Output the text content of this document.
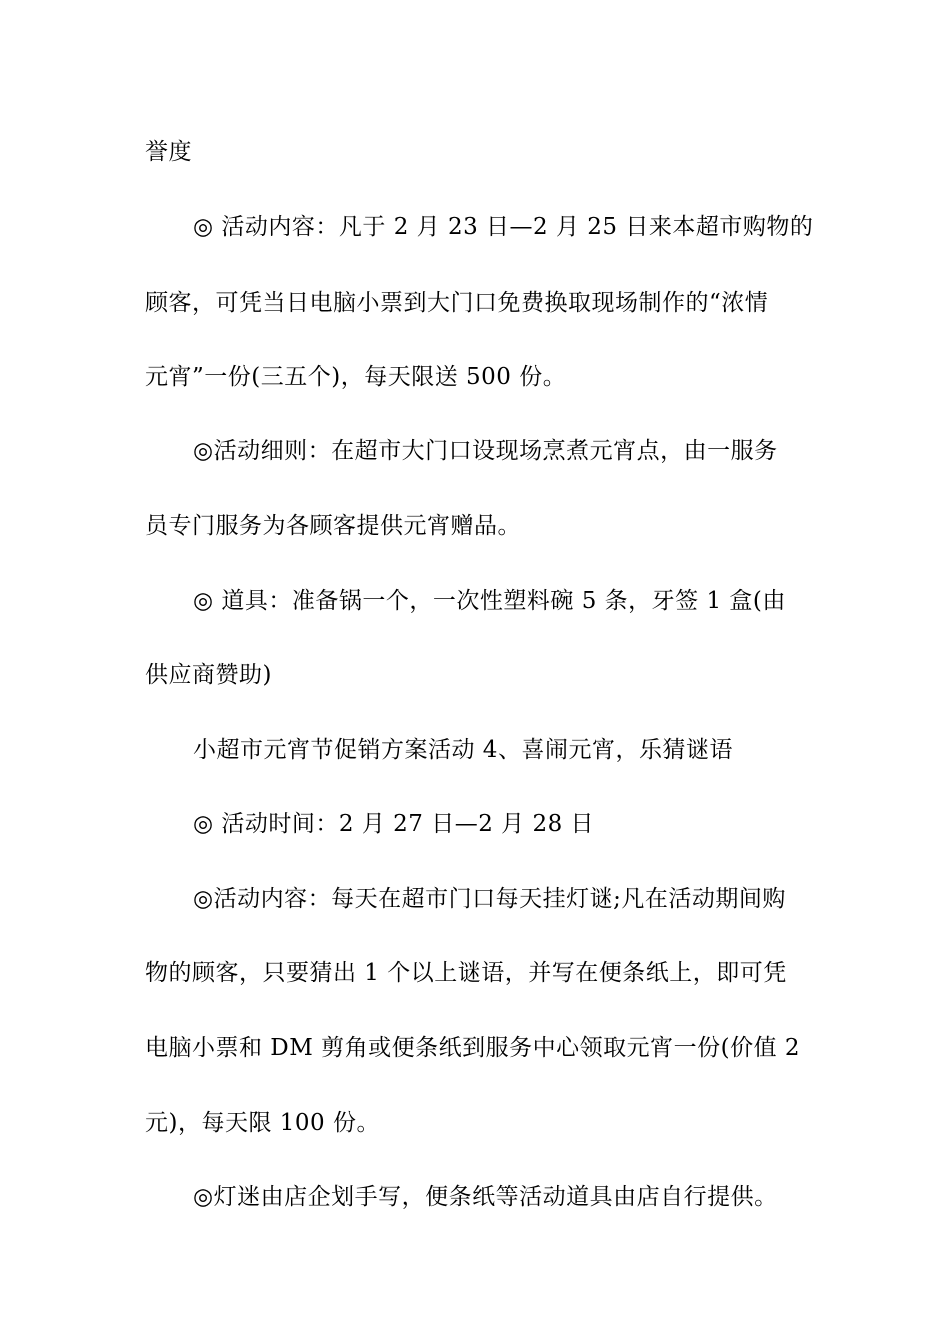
誉度
◎ 活动内容：凡于 2 月 23 日—2 月 25 日来本超市购物的
顾客，可凭当日电脑小票到大门口免费换取现场制作的“浓情
元宵”一份(三五个)，每天限送 500 份。
◎活动细则：在超市大门口设现场烹煮元宵点，由一服务
员专门服务为各顾客提供元宵赠品。
◎ 道具：准备锅一个，一次性塑料碗 5 条，牙签 1 盒(由
供应商赞助)
小超市元宵节促销方案活动 4、喜闹元宵，乐猜谜语
◎ 活动时间：2 月 27 日—2 月 28 日
◎活动内容：每天在超市门口每天挂灯谜;凡在活动期间购
物的顾客，只要猜出 1 个以上谜语，并写在便条纸上，即可凭
电脑小票和 DM 剪角或便条纸到服务中心领取元宵一份(价值 2
元)，每天限 100 份。
◎灯迷由店企划手写，便条纸等活动道具由店自行提供。
